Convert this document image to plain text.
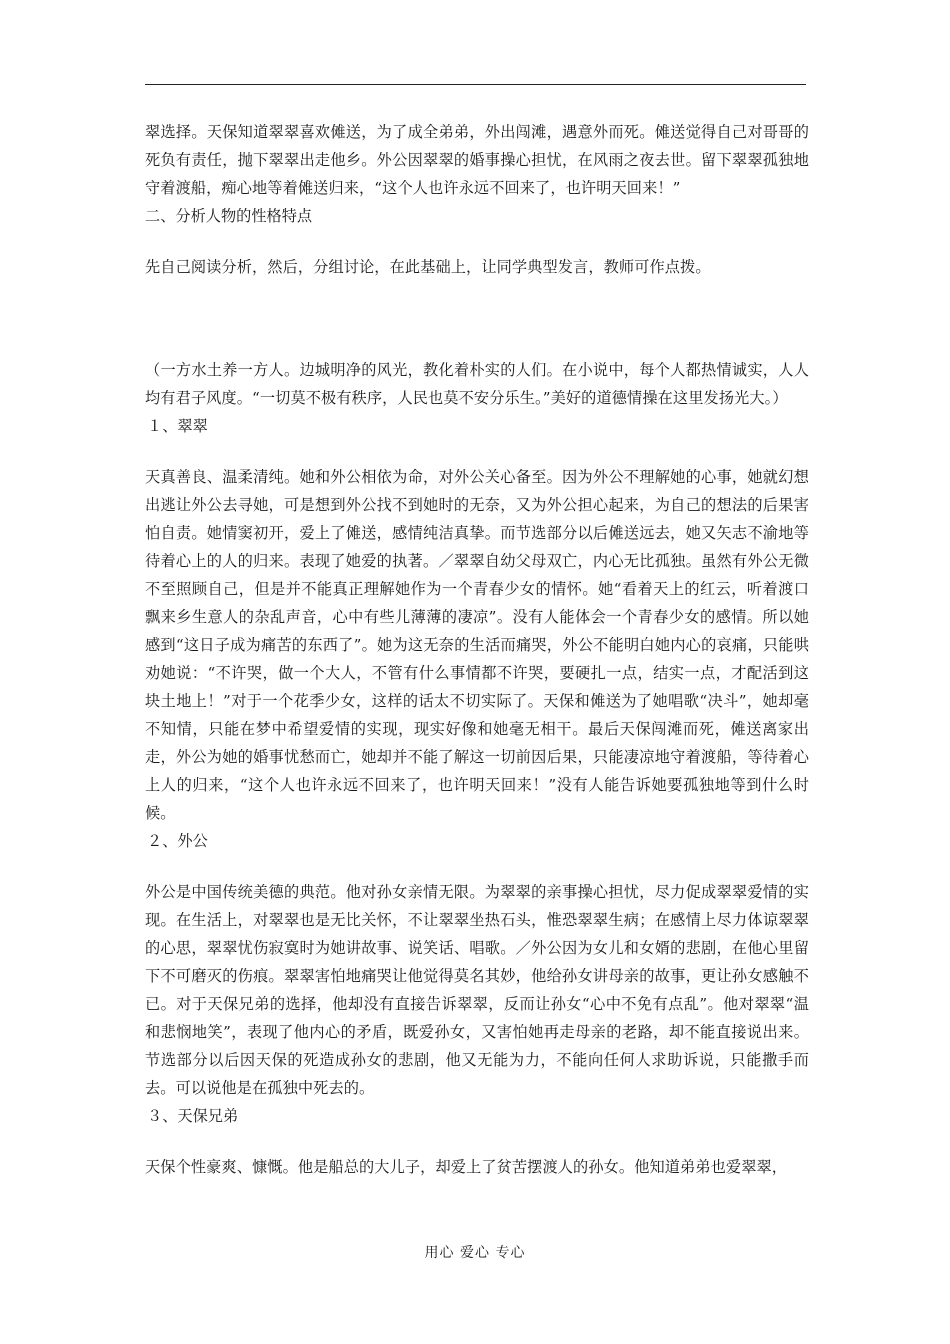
翠选择。天保知道翠翠喜欢傩送，为了成全弟弟，外出闯滩，遇意外而死。傩送觉得自己对哥哥的死负有责任，抛下翠翠出走他乡。外公因翠翠的婚事操心担忧，在风雨之夜去世。留下翠翠孤独地守着渡船，痴心地等着傩送归来，“这个人也许永远不回来了，也许明天回来！”

二、分析人物的性格特点

先自己阅读分析，然后，分组讨论，在此基础上，让同学典型发言，教师可作点拨。

（一方水土养一方人。边城明净的风光，教化着朴实的人们。在小说中，每个人都热情诚实，人人均有君子风度。“一切莫不极有秩序，人民也莫不安分乐生。”美好的道德情操在这里发扬光大。）

１、翠翠

天真善良、温柔清纯。她和外公相依为命，对外公关心备至。因为外公不理解她的心事，她就幻想出逃让外公去寻她，可是想到外公找不到她时的无奈，又为外公担心起来，为自己的想法的后果害怕自责。她情窦初开，爱上了傩送，感情纯洁真挚。而节选部分以后傩送远去，她又矢志不渝地等待着心上的人的归来。表现了她爱的执著。／翠翠自幼父母双亡，内心无比孤独。虽然有外公无微不至照顾自己，但是并不能真正理解她作为一个青春少女的情怀。她“看着天上的红云，听着渡口飘来乡生意人的杂乱声音，心中有些儿薄薄的凄凉”。没有人能体会一个青春少女的感情。所以她感到“这日子成为痛苦的东西了”。她为这无奈的生活而痛哭，外公不能明白她内心的哀痛，只能哄劝她说：“不许哭，做一个大人，不管有什么事情都不许哭，要硬扎一点，结实一点，才配活到这块土地上！”对于一个花季少女，这样的话太不切实际了。天保和傩送为了她唱歌“决斗”，她却毫不知情，只能在梦中希望爱情的实现，现实好像和她毫无相干。最后天保闯滩而死，傩送离家出走，外公为她的婚事忧愁而亡，她却并不能了解这一切前因后果，只能凄凉地守着渡船，等待着心上人的归来，“这个人也许永远不回来了，也许明天回来！”没有人能告诉她要孤独地等到什么时候。

２、外公

外公是中国传统美德的典范。他对孙女亲情无限。为翠翠的亲事操心担忧，尽力促成翠翠爱情的实现。在生活上，对翠翠也是无比关怀，不让翠翠坐热石头，惟恐翠翠生病；在感情上尽力体谅翠翠的心思，翠翠忧伤寂寞时为她讲故事、说笑话、唱歌。／外公因为女儿和女婿的悲剧，在他心里留下不可磨灭的伤痕。翠翠害怕地痛哭让他觉得莫名其妙，他给孙女讲母亲的故事，更让孙女感触不已。对于天保兄弟的选择，他却没有直接告诉翠翠，反而让孙女“心中不免有点乱”。他对翠翠“温和悲悯地笑”，表现了他内心的矛盾，既爱孙女，又害怕她再走母亲的老路，却不能直接说出来。节选部分以后因天保的死造成孙女的悲剧，他又无能为力，不能向任何人求助诉说，只能撒手而去。可以说他是在孤独中死去的。

３、天保兄弟

天保个性豪爽、慷慨。他是船总的大儿子，却爱上了贫苦摆渡人的孙女。他知道弟弟也爱翠翠，

用心 爱心 专心
